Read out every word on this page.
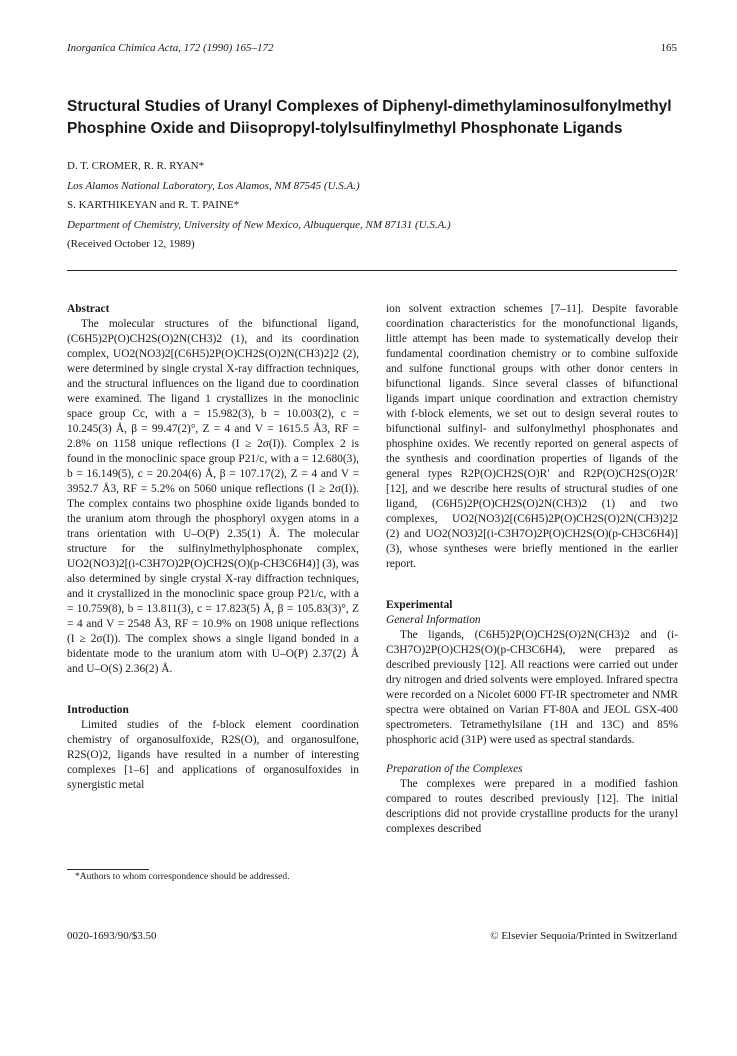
Inorganica Chimica Acta, 172 (1990) 165–172	165
Structural Studies of Uranyl Complexes of Diphenyl-dimethylaminosulfonylmethyl
Phosphine Oxide and Diisopropyl-tolylsulfinylmethyl Phosphonate Ligands
D. T. CROMER, R. R. RYAN*
Los Alamos National Laboratory, Los Alamos, NM 87545 (U.S.A.)
S. KARTHIKEYAN and R. T. PAINE*
Department of Chemistry, University of New Mexico, Albuquerque, NM 87131 (U.S.A.)
(Received October 12, 1989)

Abstract

The molecular structures of the bifunctional ligand, (C6H5)2P(O)CH2S(O)2N(CH3)2 (1), and its coordination complex, UO2(NO3)2[(C6H5)2P(O)CH2S(O)2N(CH3)2]2 (2), were determined by single crystal X-ray diffraction techniques, and the structural influences on the ligand due to coordination were examined. The ligand 1 crystallizes in the monoclinic space group Cc, with a = 15.982(3), b = 10.003(2), c = 10.245(3) Å, β = 99.47(2)°, Z = 4 and V = 1615.5 Å3, RF = 2.8% on 1158 unique reflections (I ≥ 2σ(I)). Complex 2 is found in the monoclinic space group P21/c, with a = 12.680(3), b = 16.149(5), c = 20.204(6) Å, β = 107.17(2), Z = 4 and V = 3952.7 Å3, RF = 5.2% on 5060 unique reflections (I ≥ 2σ(I)). The complex contains two phosphine oxide ligands bonded to the uranium atom through the phosphoryl oxygen atoms in a trans orientation with U–O(P) 2.35(1) Å. The molecular structure for the sulfinylmethylphosphonate complex, UO2(NO3)2[(i-C3H7O)2P(O)CH2S(O)(p-CH3C6H4)] (3), was also determined by single crystal X-ray diffraction techniques, and it crystallized in the monoclinic space group P21/c, with a = 10.759(8), b = 13.811(3), c = 17.823(5) Å, β = 105.83(3)°, Z = 4 and V = 2548 Å3, RF = 10.9% on 1908 unique reflections (I ≥ 2σ(I)). The complex shows a single ligand bonded in a bidentate mode to the uranium atom with U–O(P) 2.37(2) Å and U–O(S) 2.36(2) Å.

Introduction

Limited studies of the f-block element coordination chemistry of organosulfoxide, R2S(O), and organosulfone, R2S(O)2, ligands have resulted in a number of interesting complexes [1–6] and applications of organosulfoxides in synergistic metal

ion solvent extraction schemes [7–11]. Despite favorable coordination characteristics for the monofunctional ligands, little attempt has been made to systematically develop their fundamental coordination chemistry or to combine sulfoxide and sulfone functional groups with other donor centers in bifunctional ligands. Since several classes of bifunctional ligands impart unique coordination and extraction chemistry with f-block elements, we set out to design several routes to bifunctional sulfinyl- and sulfonylmethyl phosphonates and phosphine oxides. We recently reported on general aspects of the synthesis and coordination properties of ligands of the general types R2P(O)CH2S(O)R′ and R2P(O)CH2S(O)2R′ [12], and we describe here results of structural studies of one ligand, (C6H5)2P(O)CH2S(O)2N(CH3)2 (1) and two complexes, UO2(NO3)2[(C6H5)2P(O)CH2S(O)2N(CH3)2]2 (2) and UO2(NO3)2[(i-C3H7O)2P(O)CH2S(O)(p-CH3C6H4)] (3), whose syntheses were briefly mentioned in the earlier report.

Experimental

General Information

The ligands, (C6H5)2P(O)CH2S(O)2N(CH3)2 and (i-C3H7O)2P(O)CH2S(O)(p-CH3C6H4), were prepared as described previously [12]. All reactions were carried out under dry nitrogen and dried solvents were employed. Infrared spectra were recorded on a Nicolet 6000 FT-IR spectrometer and NMR spectra were obtained on Varian FT-80A and JEOL GSX-400 spectrometers. Tetramethylsilane (1H and 13C) and 85% phosphoric acid (31P) were used as spectral standards.

Preparation of the Complexes

The complexes were prepared in a modified fashion compared to routes described previously [12]. The initial descriptions did not provide crystalline products for the uranyl complexes described

*Authors to whom correspondence should be addressed.
0020-1693/90/$3.50	© Elsevier Sequoia/Printed in Switzerland
